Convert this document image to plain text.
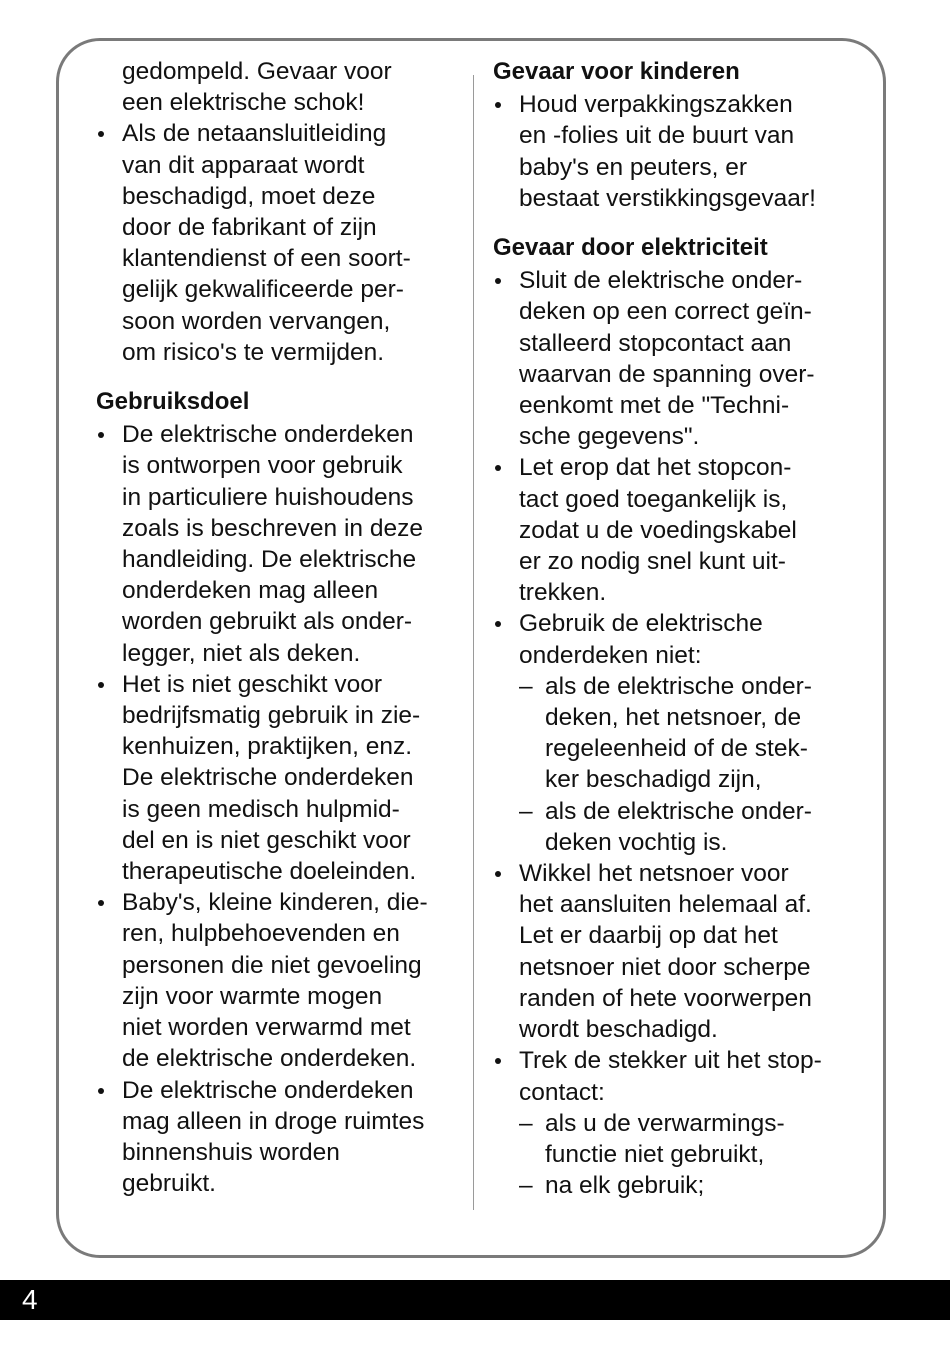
gedompeld. Gevaar voor
een elektrische schok!
Als de netaansluitleiding
van dit apparaat wordt
beschadigd, moet deze
door de fabrikant of zijn
klantendienst of een soort-
gelijk gekwalificeerde per-
soon worden vervangen,
om risico's te vermijden.
Gebruiksdoel
De elektrische onderdeken
is ontworpen voor gebruik
in particuliere huishoudens
zoals is beschreven in deze
handleiding. De elektrische
onderdeken mag alleen
worden gebruikt als onder-
legger, niet als deken.
Het is niet geschikt voor
bedrijfsmatig gebruik in zie-
kenhuizen, praktijken, enz.
De elektrische onderdeken
is geen medisch hulpmid-
del en is niet geschikt voor
therapeutische doeleinden.
Baby's, kleine kinderen, die-
ren, hulpbehoevenden en
personen die niet gevoeling
zijn voor warmte mogen
niet worden verwarmd met
de elektrische onderdeken.
De elektrische onderdeken
mag alleen in droge ruimtes
binnenshuis worden
gebruikt.
Gevaar voor kinderen
Houd verpakkingszakken
en -folies uit de buurt van
baby's en peuters, er
bestaat verstikkingsgevaar!
Gevaar door elektriciteit
Sluit de elektrische onder-
deken op een correct geïn-
stalleerd stopcontact aan
waarvan de spanning over-
eenkomt met de "Techni-
sche gegevens".
Let erop dat het stopcon-
tact goed toegankelijk is,
zodat u de voedingskabel
er zo nodig snel kunt uit-
trekken.
Gebruik de elektrische
onderdeken niet:
– als de elektrische onder-
deken, het netsnoer, de
regeleenheid of de stek-
ker beschadigd zijn,
– als de elektrische onder-
deken vochtig is.
Wikkel het netsnoer voor
het aansluiten helemaal af.
Let er daarbij op dat het
netsnoer niet door scherpe
randen of hete voorwerpen
wordt beschadigd.
Trek de stekker uit het stop-
contact:
– als u de verwarmings-
functie niet gebruikt,
– na elk gebruik;
4
